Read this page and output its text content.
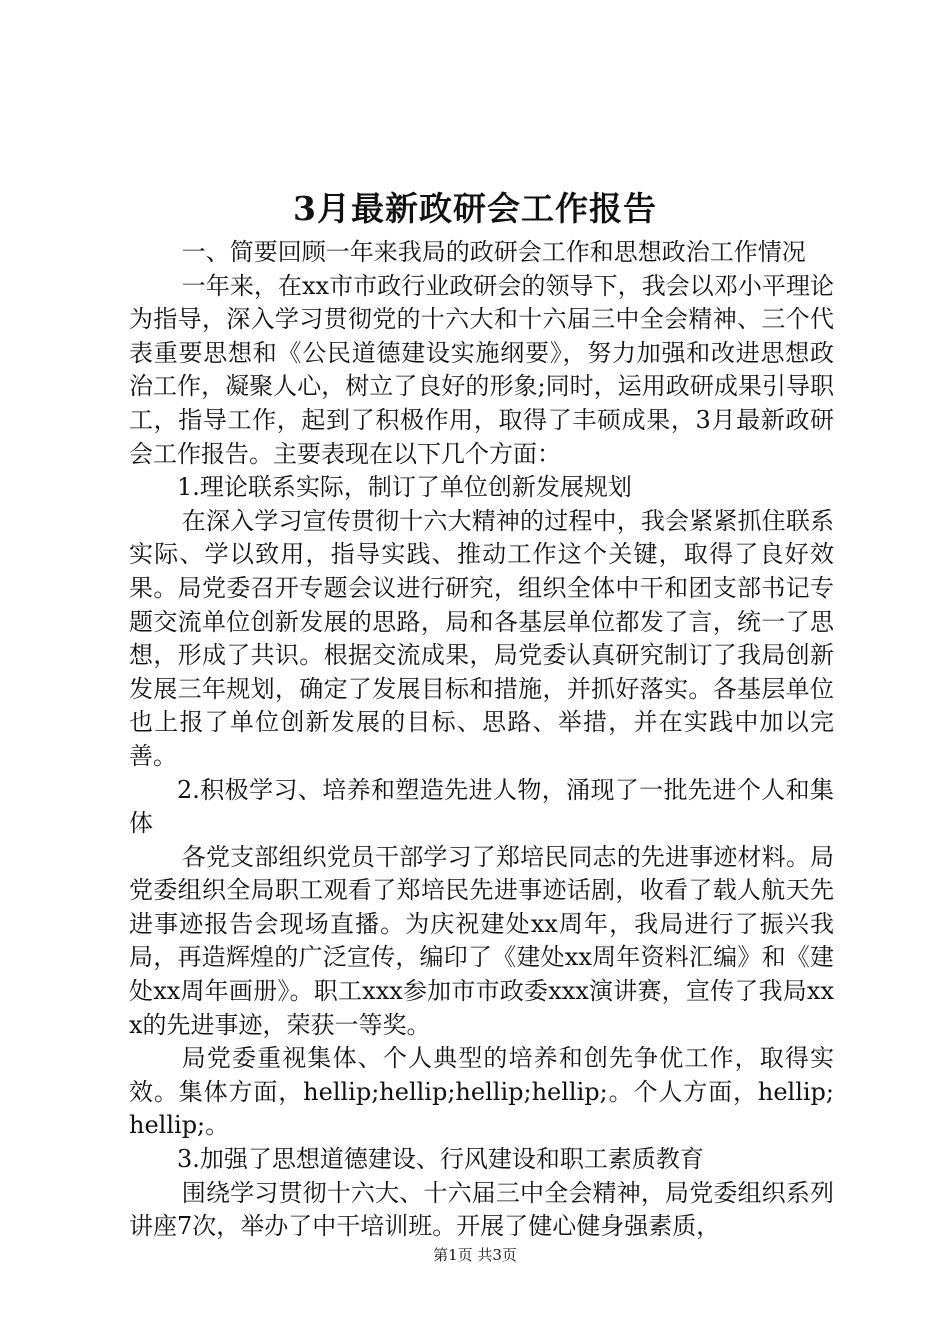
3月最新政研会工作报告

一、简要回顾一年来我局的政研会工作和思想政治工作情况

一年来，在xx市市政行业政研会的领导下，我会以邓小平理论为指导，深入学习贯彻党的十六大和十六届三中全会精神、三个代表重要思想和《公民道德建设实施纲要》，努力加强和改进思想政治工作，凝聚人心，树立了良好的形象;同时，运用政研成果引导职工，指导工作，起到了积极作用，取得了丰硕成果，3月最新政研会工作报告。主要表现在以下几个方面：

1.理论联系实际，制订了单位创新发展规划

在深入学习宣传贯彻十六大精神的过程中，我会紧紧抓住联系实际、学以致用，指导实践、推动工作这个关键，取得了良好效果。局党委召开专题会议进行研究，组织全体中干和团支部书记专题交流单位创新发展的思路，局和各基层单位都发了言，统一了思想，形成了共识。根据交流成果，局党委认真研究制订了我局创新发展三年规划，确定了发展目标和措施，并抓好落实。各基层单位也上报了单位创新发展的目标、思路、举措，并在实践中加以完善。

2.积极学习、培养和塑造先进人物，涌现了一批先进个人和集体

各党支部组织党员干部学习了郑培民同志的先进事迹材料。局党委组织全局职工观看了郑培民先进事迹话剧，收看了载人航天先进事迹报告会现场直播。为庆祝建处xx周年，我局进行了振兴我局，再造辉煌的广泛宣传，编印了《建处xx周年资料汇编》和《建处xx周年画册》。职工xxx参加市市政委xxx演讲赛，宣传了我局xxx的先进事迹，荣获一等奖。

局党委重视集体、个人典型的培养和创先争优工作，取得实效。集体方面，hellip;hellip;hellip;hellip;。个人方面，hellip;hellip;。

3.加强了思想道德建设、行风建设和职工素质教育

围绕学习贯彻十六大、十六届三中全会精神，局党委组织系列讲座7次，举办了中干培训班。开展了健心健身强素质，

第1页 共3页
